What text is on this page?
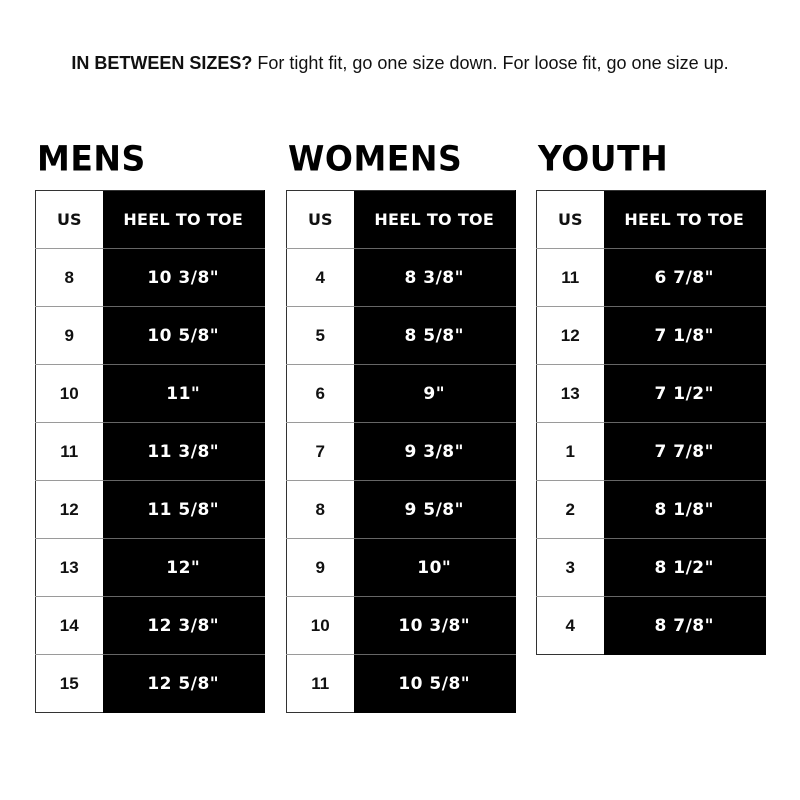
IN BETWEEN SIZES? For tight fit, go one size down. For loose fit, go one size up.
MENS
US	HEEL TO TOE
8	10 3/8"
9	10 5/8"
10	11"
11	11 3/8"
12	11 5/8"
13	12"
14	12 3/8"
15	12 5/8"
WOMENS
US	HEEL TO TOE
4	8 3/8"
5	8 5/8"
6	9"
7	9 3/8"
8	9 5/8"
9	10"
10	10 3/8"
11	10 5/8"
YOUTH
US	HEEL TO TOE
11	6 7/8"
12	7 1/8"
13	7 1/2"
1	7 7/8"
2	8 1/8"
3	8 1/2"
4	8 7/8"
